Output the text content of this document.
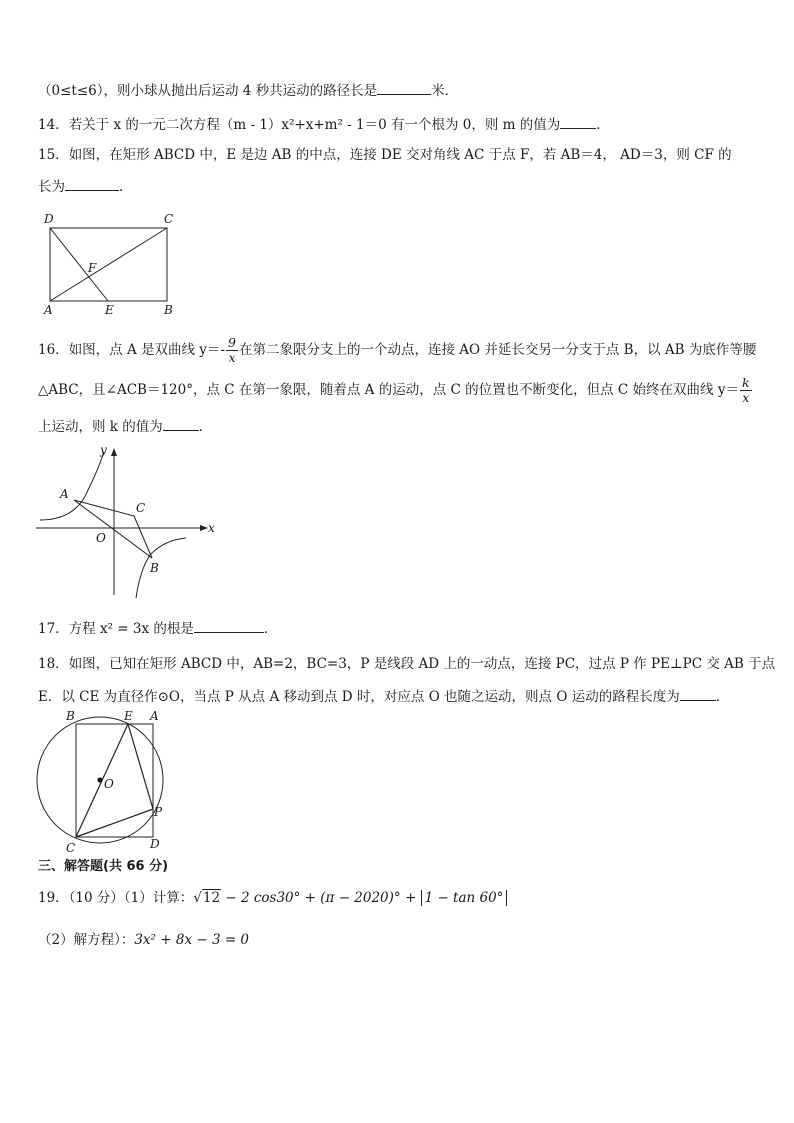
（0≤t≤6），则小球从抛出后运动 4 秒共运动的路径长是	米．
14．若关于 x 的一元二次方程（m - 1）x²+x+m² - 1＝0 有一个根为 0，则 m 的值为	．
15．如图，在矩形 ABCD 中，E 是边 AB 的中点，连接 DE 交对角线 AC 于点 F，若 AB＝4， AD＝3，则 CF 的
长为	．
D	C
F
A	E	B
16．如图，点 A 是双曲线 $y=- \frac{9}{x}$ 在第二象限分支上的一个动点，连接 AO 并延长交另一分支于点 B，以 AB 为底作等腰
△ABC，且∠ACB＝120°，点 C 在第一象限，随着点 A 的运动，点 C 的位置也不断变化，但点 C 始终在双曲线 $y= \frac{k}{x}$
上运动，则 k 的值为	．
y
A
C
O
x
B
17．方程 x² = 3x 的根是	．
18．如图，已知在矩形 ABCD 中，AB=2，BC=3，P 是线段 AD 上的一动点，连接 PC，过点 P 作 PE⊥PC 交 AB 于点
E．以 CE 为直径作⊙O，当点 P 从点 A 移动到点 D 时，对应点 O 也随之运动，则点 O 运动的路程长度为	．
B	E A
O
P
C	D
三、解答题(共 66 分)
19．（10 分）（1）计算：√12 − 2 cos30° + (π − 2020)° + 1 − tan 60°
（2）解方程）：3x² + 8x − 3 = 0
